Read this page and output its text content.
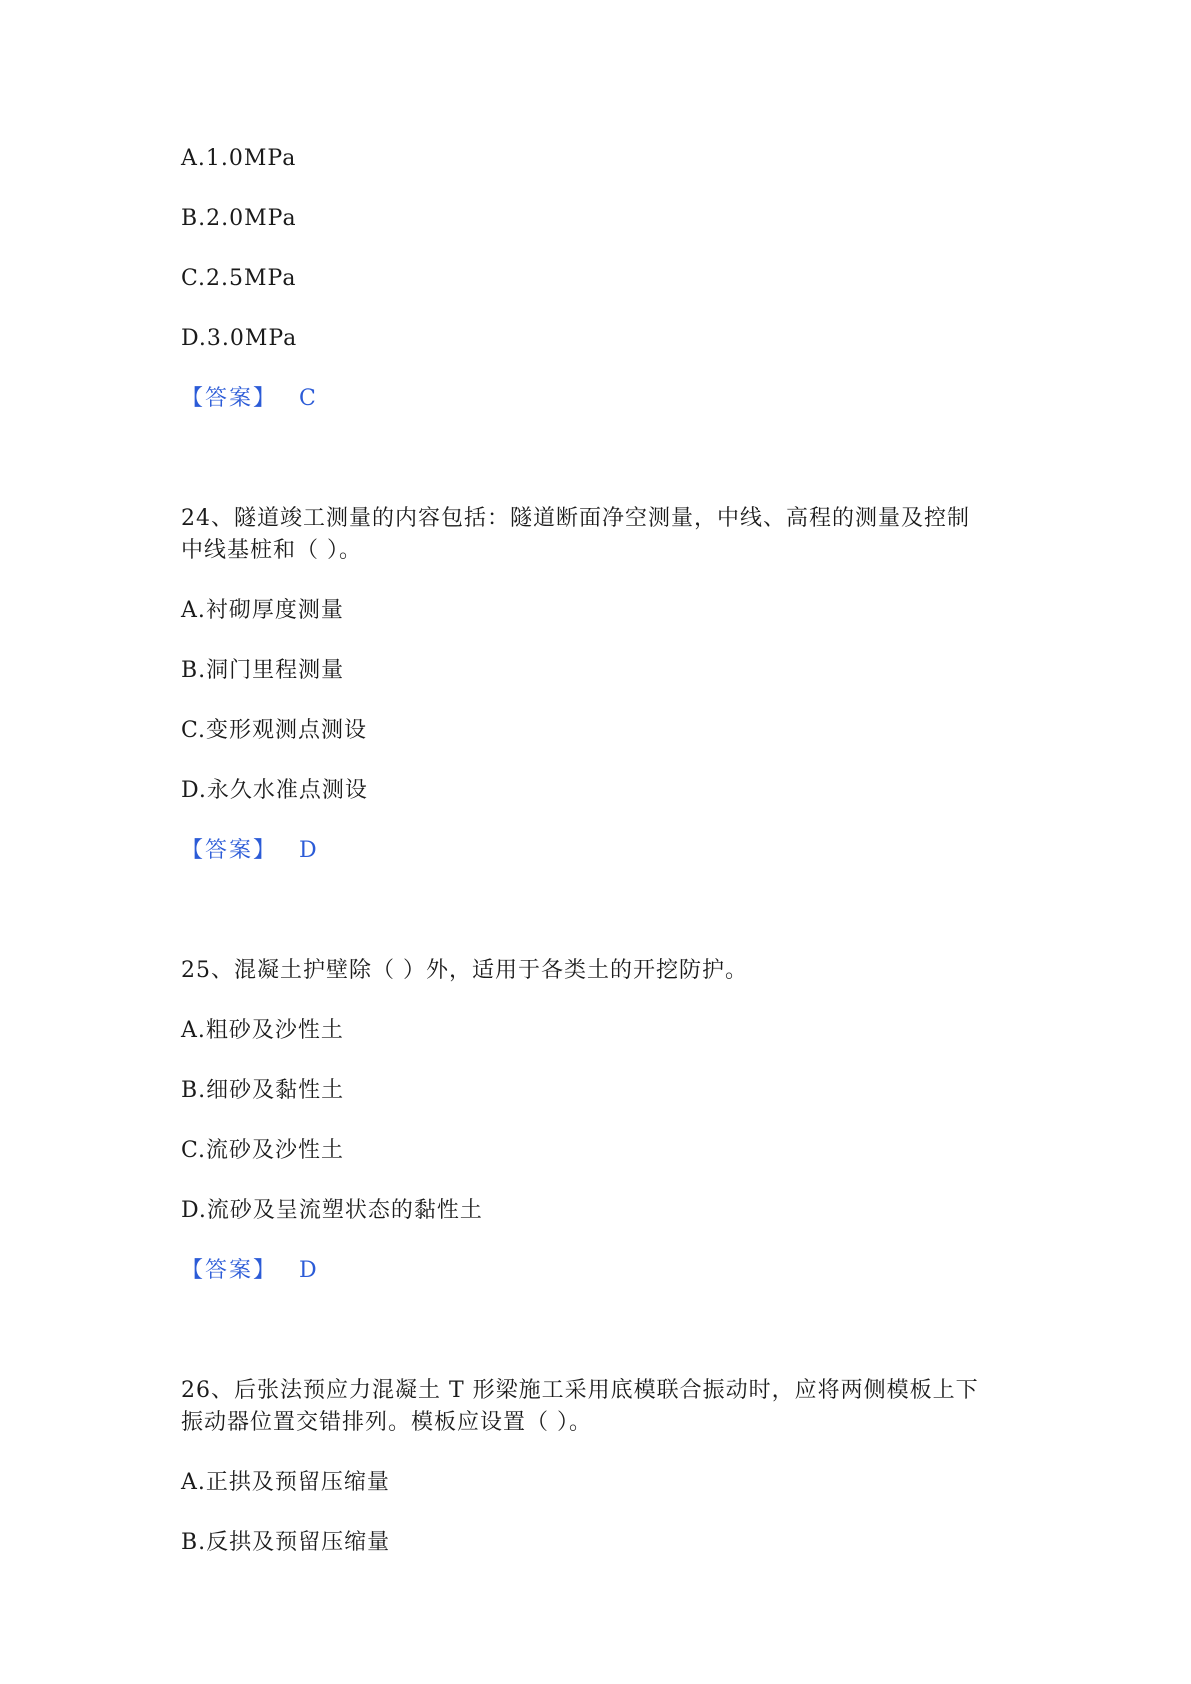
A.1.0MPa
B.2.0MPa
C.2.5MPa
D.3.0MPa
【答案】 C
24、隧道竣工测量的内容包括：隧道断面净空测量，中线、高程的测量及控制
中线基桩和（ ）。
A.衬砌厚度测量
B.洞门里程测量
C.变形观测点测设
D.永久水准点测设
【答案】 D
25、混凝土护壁除（ ）外，适用于各类土的开挖防护。
A.粗砂及沙性土
B.细砂及黏性土
C.流砂及沙性土
D.流砂及呈流塑状态的黏性土
【答案】 D
26、后张法预应力混凝土 T 形梁施工采用底模联合振动时，应将两侧模板上下
振动器位置交错排列。模板应设置（ ）。
A.正拱及预留压缩量
B.反拱及预留压缩量
